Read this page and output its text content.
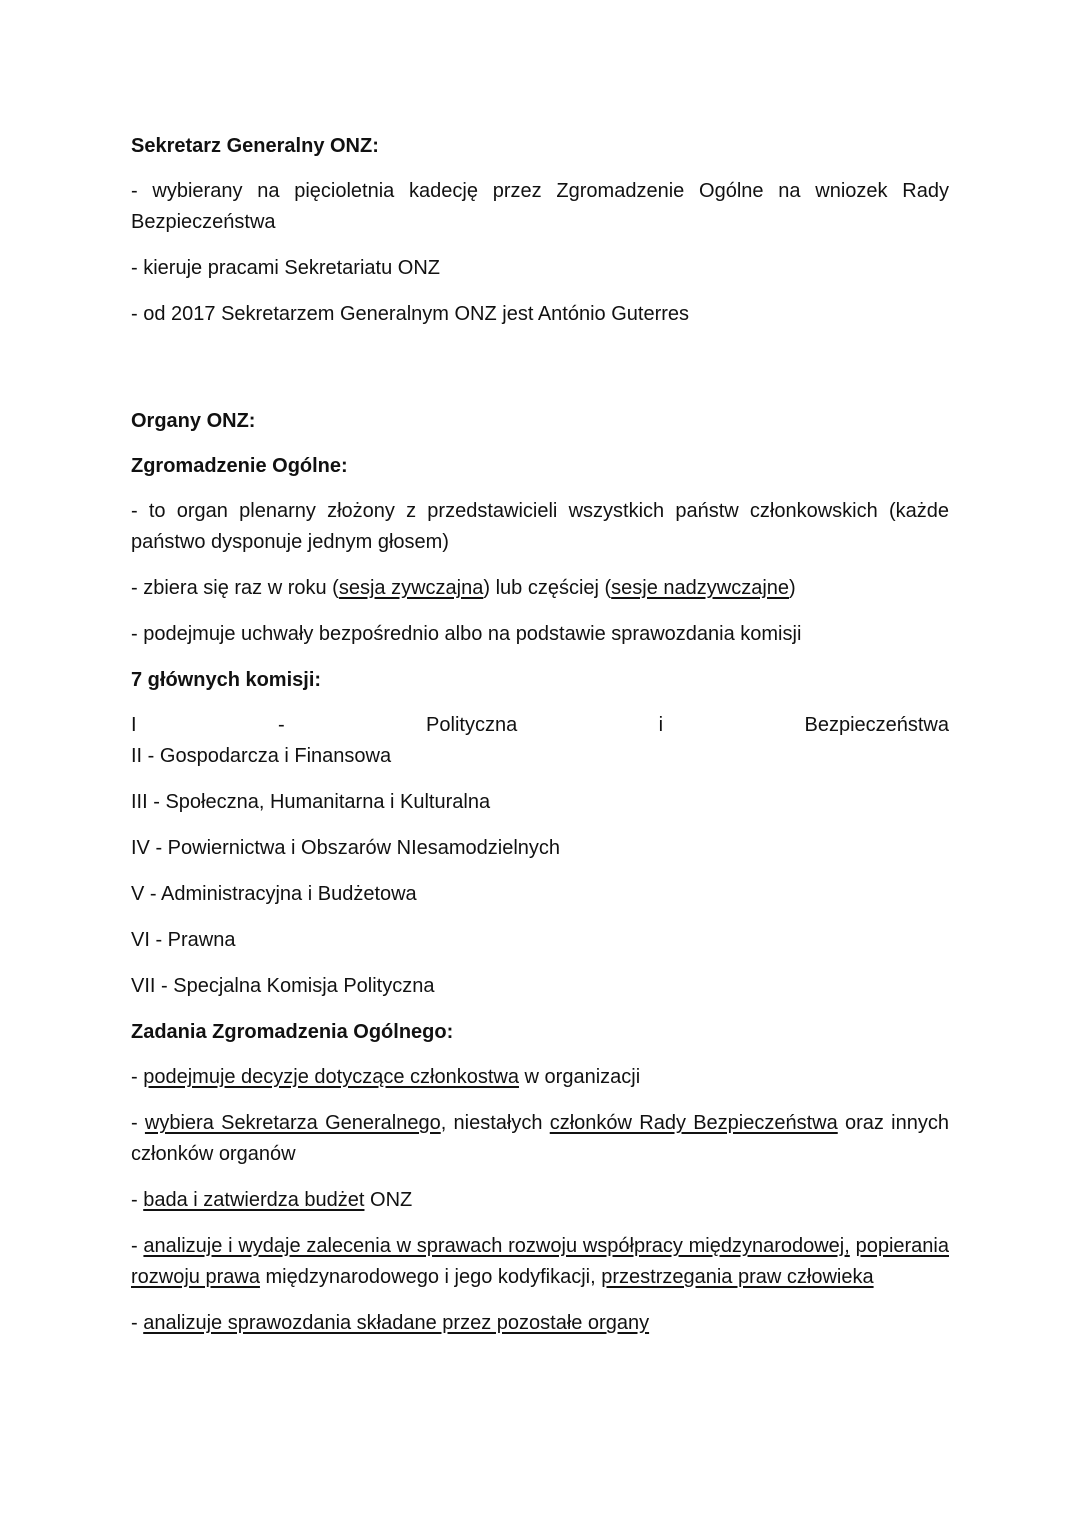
Sekretarz Generalny ONZ:
- wybierany na pięcioletnia kadecję przez Zgromadzenie Ogólne na wniozek Rady Bezpieczeństwa
- kieruje pracami Sekretariatu ONZ
- od 2017 Sekretarzem Generalnym ONZ jest António Guterres
Organy ONZ:
Zgromadzenie Ogólne:
- to organ plenarny złożony z przedstawicieli wszystkich państw członkowskich (każde państwo dysponuje jednym głosem)
- zbiera się raz w roku (sesja zywczajna) lub częściej (sesje nadzywczajne)
- podejmuje uchwały bezpośrednio albo na podstawie sprawozdania komisji
7 głównych komisji:
I - Polityczna i Bezpieczeństwa
II - Gospodarcza i Finansowa
III - Społeczna, Humanitarna i Kulturalna
IV - Powiernictwa i Obszarów NIesamodzielnych
V - Administracyjna i Budżetowa
VI - Prawna
VII - Specjalna Komisja Polityczna
Zadania Zgromadzenia Ogólnego:
- podejmuje decyzje dotyczące członkostwa w organizacji
- wybiera Sekretarza Generalnego, niestałych członków Rady Bezpieczeństwa oraz innych członków organów
- bada i zatwierdza budżet ONZ
- analizuje i wydaje zalecenia w sprawach rozwoju współpracy międzynarodowej, popierania rozwoju prawa międzynarodowego i jego kodyfikacji, przestrzegania praw człowieka
- analizuje sprawozdania składane przez pozostałe organy
